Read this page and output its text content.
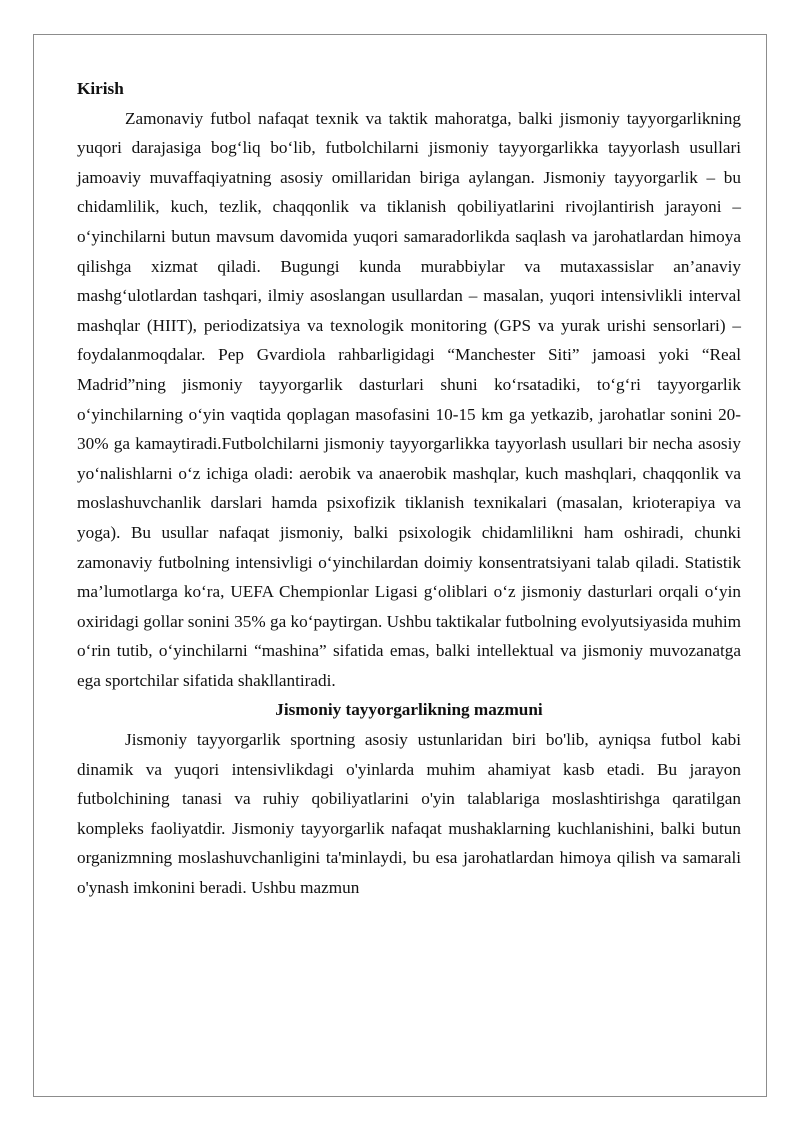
Kirish

Zamonaviy futbol nafaqat texnik va taktik mahoratga, balki jismoniy tayyorgarlikning yuqori darajasiga bog‘liq bo‘lib, futbolchilarni jismoniy tayyorgarlikka tayyorlash usullari jamoaviy muvaffaqiyatning asosiy omillaridan biriga aylangan. Jismoniy tayyorgarlik – bu chidamlilik, kuch, tezlik, chaqqonlik va tiklanish qobiliyatlarini rivojlantirish jarayoni – o‘yinchilarni butun mavsum davomida yuqori samaradorlikda saqlash va jarohatlardan himoya qilishga xizmat qiladi. Bugungi kunda murabbiylar va mutaxassislar an’anaviy mashg‘ulotlardan tashqari, ilmiy asoslangan usullardan – masalan, yuqori intensivlikli interval mashqlar (HIIT), periodizatsiya va texnologik monitoring (GPS va yurak urishi sensorlari) – foydalanmoqdalar. Pep Gvardiola rahbarligidagi “Manchester Siti” jamoasi yoki “Real Madrid”ning jismoniy tayyorgarlik dasturlari shuni ko‘rsatadiki, to‘g‘ri tayyorgarlik o‘yinchilarning o‘yin vaqtida qoplagan masofasini 10-15 km ga yetkazib, jarohatlar sonini 20-30% ga kamaytiradi.Futbolchilarni jismoniy tayyorgarlikka tayyorlash usullari bir necha asosiy yo‘nalishlarni o‘z ichiga oladi: aerobik va anaerobik mashqlar, kuch mashqlari, chaqqonlik va moslashuvchanlik darslari hamda psixofizik tiklanish texnikalari (masalan, krioterapiya va yoga). Bu usullar nafaqat jismoniy, balki psixologik chidamlilikni ham oshiradi, chunki zamonaviy futbolning intensivligi o‘yinchilardan doimiy konsentratsiyani talab qiladi. Statistik ma’lumotlarga ko‘ra, UEFA Chempionlar Ligasi g‘oliblari o‘z jismoniy dasturlari orqali o‘yin oxiridagi gollar sonini 35% ga ko‘paytirgan. Ushbu taktikalar futbolning evolyutsiyasida muhim o‘rin tutib, o‘yinchilarni “mashina” sifatida emas, balki intellektual va jismoniy muvozanatga ega sportchilar sifatida shakllantiradi.

Jismoniy tayyorgarlikning mazmuni

Jismoniy tayyorgarlik sportning asosiy ustunlaridan biri bo'lib, ayniqsa futbol kabi dinamik va yuqori intensivlikdagi o'yinlarda muhim ahamiyat kasb etadi. Bu jarayon futbolchining tanasi va ruhiy qobiliyatlarini o'yin talablariga moslashtirishga qaratilgan kompleks faoliyatdir. Jismoniy tayyorgarlik nafaqat mushaklarning kuchlanishini, balki butun organizmning moslashuvchanligini ta'minlaydi, bu esa jarohatlardan himoya qilish va samarali o'ynash imkonini beradi. Ushbu mazmun
